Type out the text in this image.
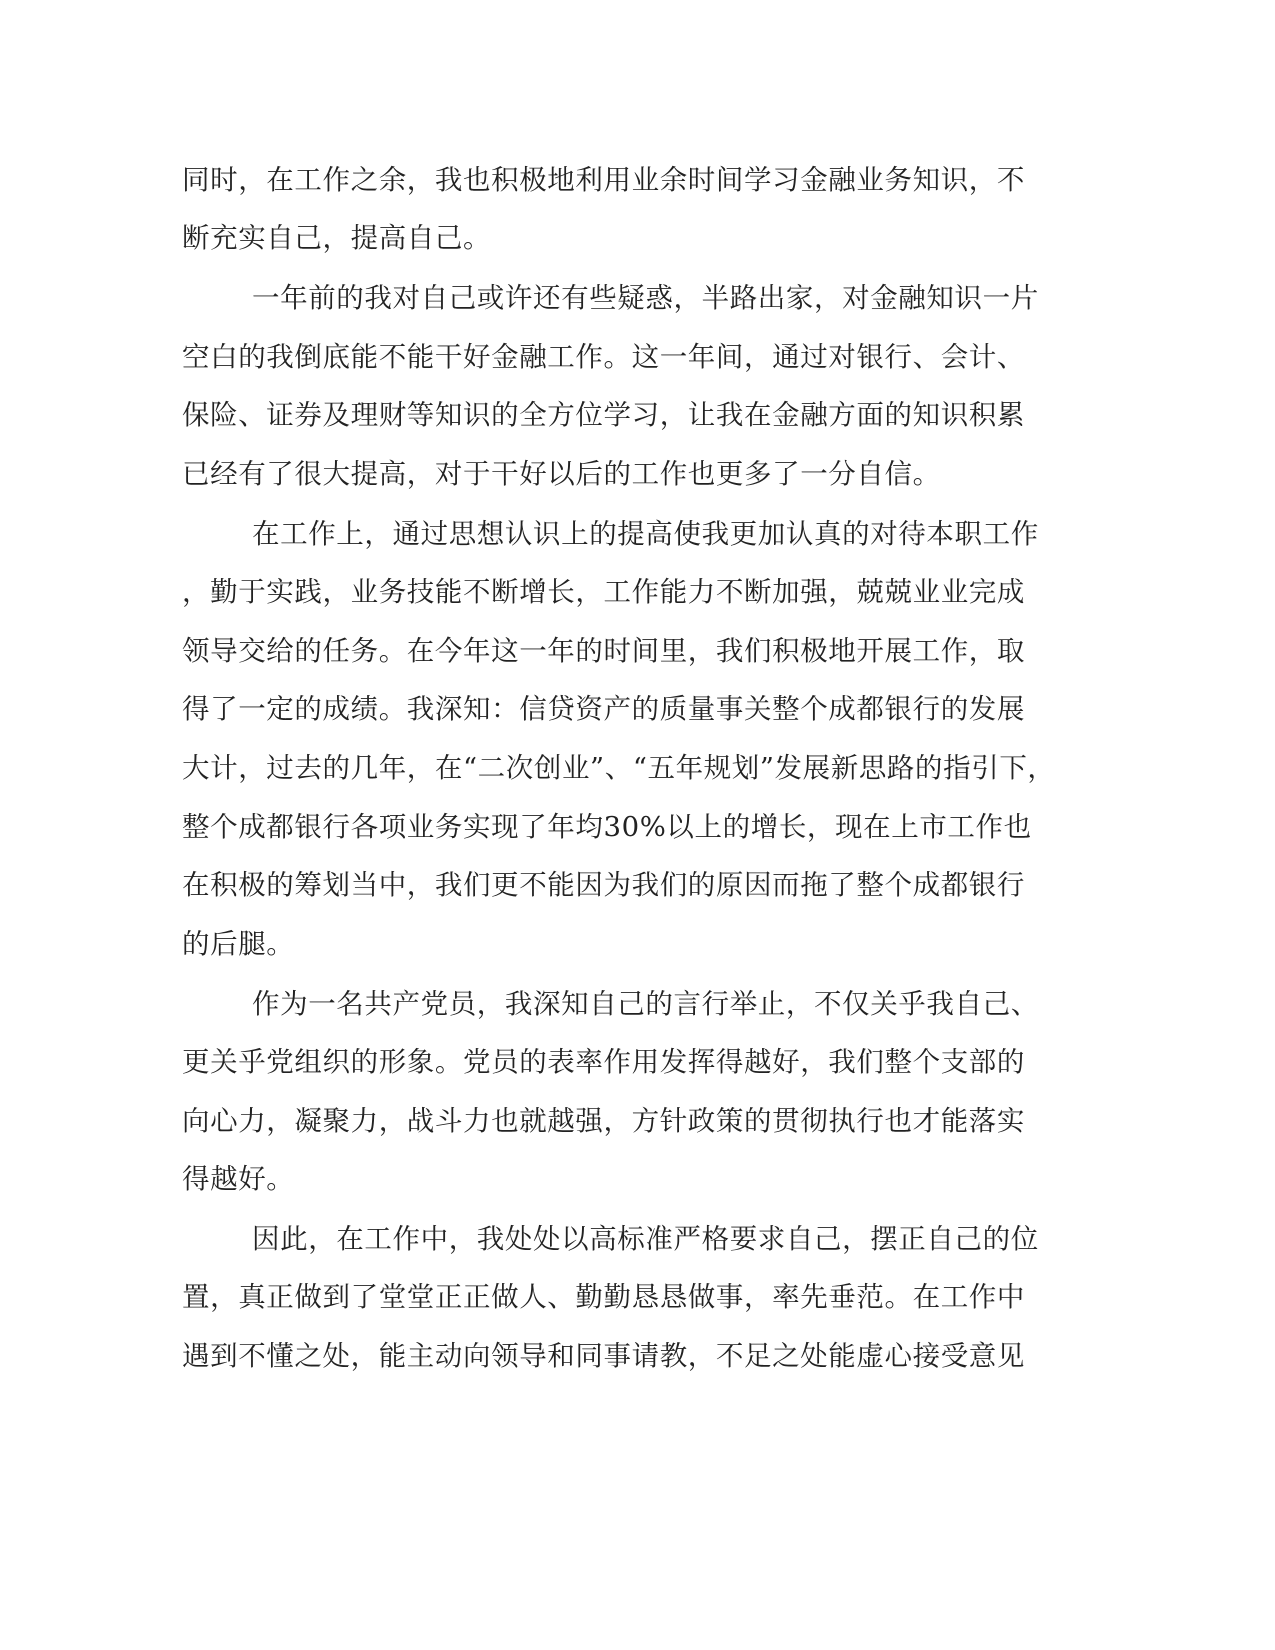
同时，在工作之余，我也积极地利用业余时间学习金融业务知识，不
断充实自己，提高自己。
一年前的我对自己或许还有些疑惑，半路出家，对金融知识一片
空白的我倒底能不能干好金融工作。这一年间，通过对银行、会计、
保险、证券及理财等知识的全方位学习，让我在金融方面的知识积累
已经有了很大提高，对于干好以后的工作也更多了一分自信。
在工作上，通过思想认识上的提高使我更加认真的对待本职工作
，勤于实践，业务技能不断增长，工作能力不断加强，兢兢业业完成
领导交给的任务。在今年这一年的时间里，我们积极地开展工作，取
得了一定的成绩。我深知：信贷资产的质量事关整个成都银行的发展
大计，过去的几年，在“二次创业”、“五年规划”发展新思路的指引下，
整个成都银行各项业务实现了年均30%以上的增长，现在上市工作也
在积极的筹划当中，我们更不能因为我们的原因而拖了整个成都银行
的后腿。
作为一名共产党员，我深知自己的言行举止，不仅关乎我自己、
更关乎党组织的形象。党员的表率作用发挥得越好，我们整个支部的
向心力，凝聚力，战斗力也就越强，方针政策的贯彻执行也才能落实
得越好。
因此，在工作中，我处处以高标准严格要求自己，摆正自己的位
置，真正做到了堂堂正正做人、勤勤恳恳做事，率先垂范。在工作中
遇到不懂之处，能主动向领导和同事请教，不足之处能虚心接受意见
